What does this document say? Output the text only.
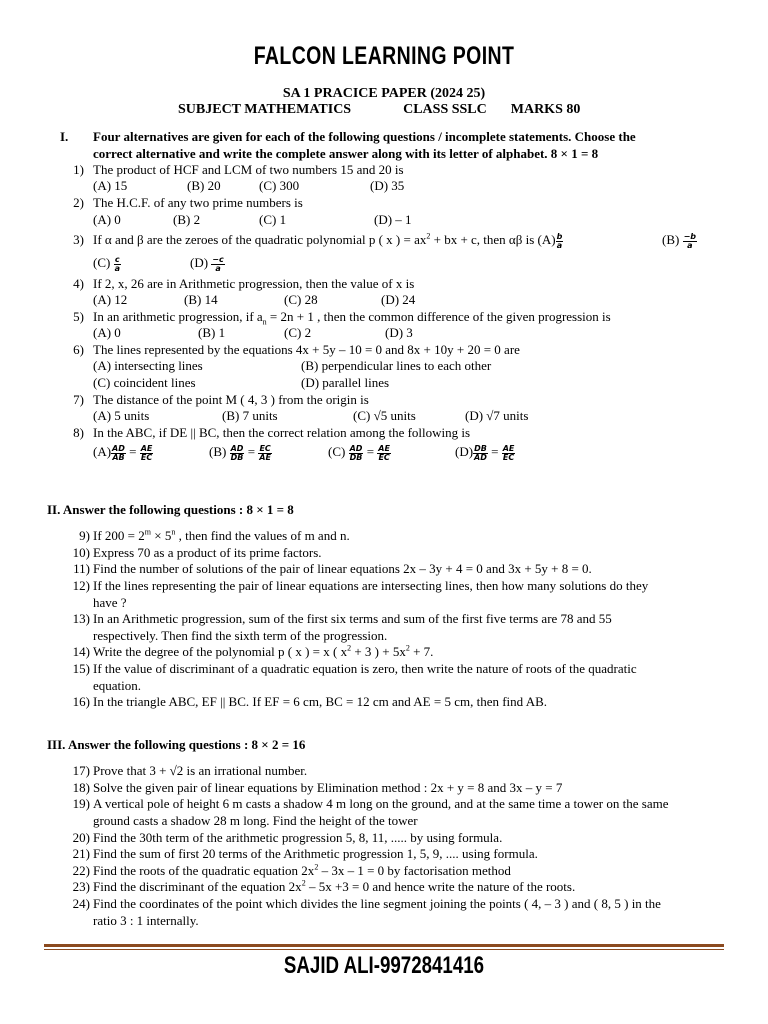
FALCON LEARNING POINT
SA 1 PRACICE PAPER (2024 25)
SUBJECT MATHEMATICS	CLASS SSLC MARKS 80
I. Four alternatives are given for each of the following questions / incomplete statements. Choose the
correct alternative and write the complete answer along with its letter of alphabet. 8 × 1 = 8
1) The product of HCF and LCM of two numbers 15 and 20 is
(A) 15	(B) 20	(C) 300	(D) 35
2) The H.C.F. of any two prime numbers is
(A) 0	(B) 2	(C) 1	(D) – 1
3) If α and β are the zeroes of the quadratic polynomial p ( x ) = $ax^2$ + bx + c, then αβ is $(A) \frac{b}{a}$	$(B) \frac{-b}{a}$
$(C) \frac{c}{a}$	$(D) \frac{-c}{a}$
4) If 2, x, 26 are in Arithmetic progression, then the value of x is
(A) 12	(B) 14	(C) 28	(D) 24
5) In an arithmetic progression, if $a_n = 2n + 1$ , then the common difference of the given progression is
(A) 0	(B) 1	(C) 2	(D) 3
6) The lines represented by the equations 4x + 5y – 10 = 0 and 8x + 10y + 20 = 0 are
(A) intersecting lines	(B) perpendicular lines to each other
(C) coincident lines	(D) parallel lines
7) The distance of the point M ( 4, 3 ) from the origin is
(A) 5 units	(B) 7 units	(C) √5 units	(D) √7 units
8) In the ABC, if DE || BC, then the correct relation among the following is
$(A) \frac{AD}{AB} = \frac{AE}{EC}$	$(B) \frac{AD}{DB} = \frac{EC}{AE}$	$(C) \frac{AD}{DB} = \frac{AE}{EC}$	$(D) \frac{DB}{AD} = \frac{AE}{EC}$
II. Answer the following questions : 8 × 1 = 8
9) If $200 = 2^m \times 5^n$ , then find the values of m and n.
10) Express 70 as a product of its prime factors.
11) Find the number of solutions of the pair of linear equations 2x – 3y + 4 = 0 and 3x + 5y + 8 = 0.
12) If the lines representing the pair of linear equations are intersecting lines, then how many solutions do they
have ?
13) In an Arithmetic progression, sum of the first six terms and sum of the first five terms are 78 and 55
respectively. Then find the sixth term of the progression.
14) Write the degree of the polynomial p ( x ) = x ( $x^2 + 3$ ) + $5x^2 + 7$.
15) If the value of discriminant of a quadratic equation is zero, then write the nature of roots of the quadratic
equation.
16) In the triangle ABC, EF || BC. If EF = 6 cm, BC = 12 cm and AE = 5 cm, then find AB.
III. Answer the following questions : 8 × 2 = 16
17) Prove that 3 + √2 is an irrational number.
18) Solve the given pair of linear equations by Elimination method : 2x + y = 8 and 3x – y = 7
19) A vertical pole of height 6 m casts a shadow 4 m long on the ground, and at the same time a tower on the same
ground casts a shadow 28 m long. Find the height of the tower
20) Find the 30th term of the arithmetic progression 5, 8, 11, ..... by using formula.
21) Find the sum of first 20 terms of the Arithmetic progression 1, 5, 9, .... using formula.
22) Find the roots of the quadratic equation $2x^2 - 3x - 1 = 0$ by factorisation method
23) Find the discriminant of the equation $2x^2 - 5x +3 = 0$ and hence write the nature of the roots.
24) Find the coordinates of the point which divides the line segment joining the points ( 4, – 3 ) and ( 8, 5 ) in the
ratio 3 : 1 internally.
SAJID ALI-9972841416
